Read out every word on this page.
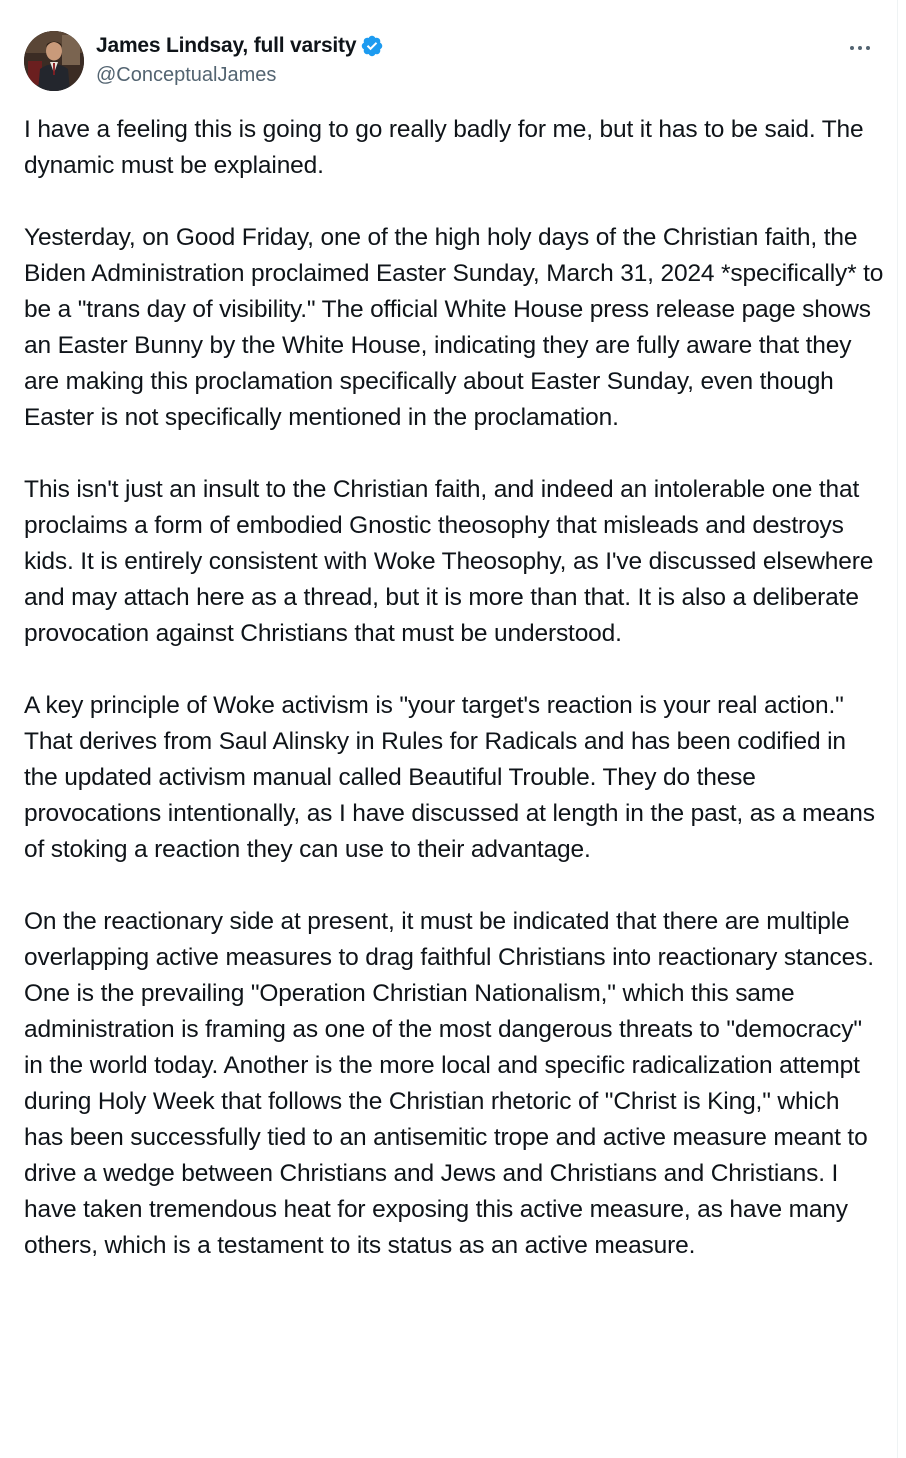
James Lindsay, full varsity
@ConceptualJames

I have a feeling this is going to go really badly for me, but it has to be said. The dynamic must be explained.

Yesterday, on Good Friday, one of the high holy days of the Christian faith, the Biden Administration proclaimed Easter Sunday, March 31, 2024 *specifically* to be a "trans day of visibility." The official White House press release page shows an Easter Bunny by the White House, indicating they are fully aware that they are making this proclamation specifically about Easter Sunday, even though Easter is not specifically mentioned in the proclamation.

This isn't just an insult to the Christian faith, and indeed an intolerable one that proclaims a form of embodied Gnostic theosophy that misleads and destroys kids. It is entirely consistent with Woke Theosophy, as I've discussed elsewhere and may attach here as a thread, but it is more than that. It is also a deliberate provocation against Christians that must be understood.

A key principle of Woke activism is "your target's reaction is your real action." That derives from Saul Alinsky in Rules for Radicals and has been codified in the updated activism manual called Beautiful Trouble. They do these provocations intentionally, as I have discussed at length in the past, as a means of stoking a reaction they can use to their advantage.

On the reactionary side at present, it must be indicated that there are multiple overlapping active measures to drag faithful Christians into reactionary stances. One is the prevailing "Operation Christian Nationalism," which this same administration is framing as one of the most dangerous threats to "democracy" in the world today. Another is the more local and specific radicalization attempt during Holy Week that follows the Christian rhetoric of "Christ is King," which has been successfully tied to an antisemitic trope and active measure meant to drive a wedge between Christians and Jews and Christians and Christians. I have taken tremendous heat for exposing this active measure, as have many others, which is a testament to its status as an active measure.
